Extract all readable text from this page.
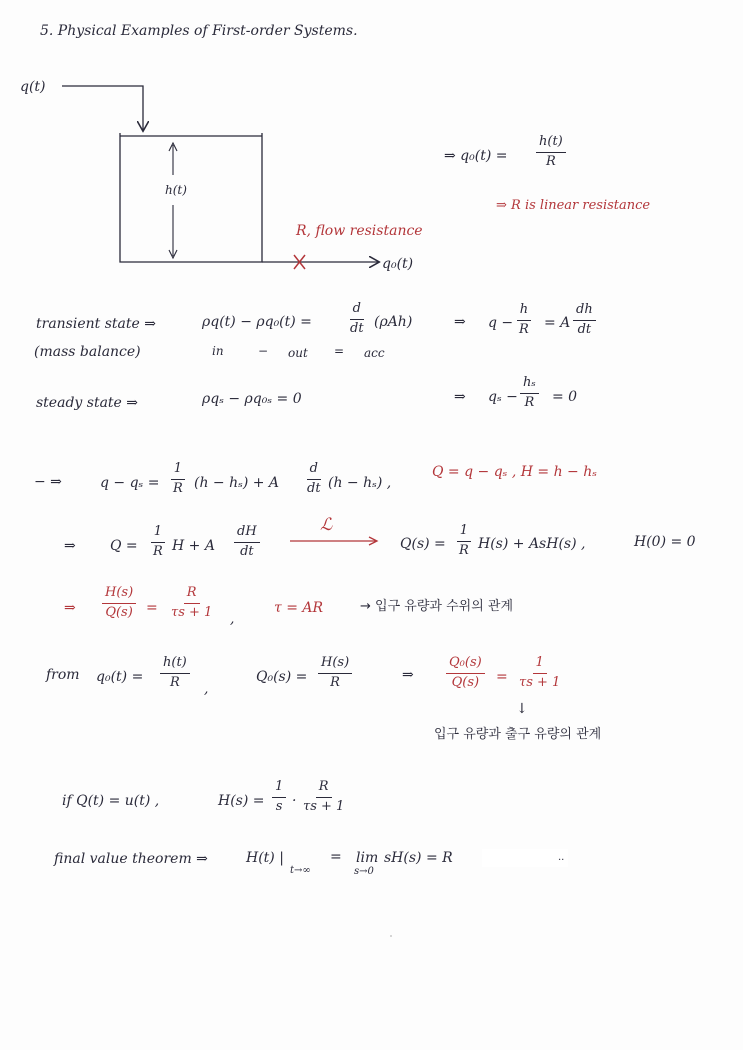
5. Physical Examples of First-order Systems.
q(t)
h(t)
R, flow resistance
q₀(t)
⇒ $q_0(t) = \frac{h(t)}{R}$
⇒ R is linear resistance
transient state ⇒
(mass balance)
ρq(t) − ρq₀(t) =	$\frac{d}{dt} (\rho Ah)$	⇒ $q - \frac{h}{R} = A \frac{dh}{dt}$
in	− out = acc
steady state ⇒	ρqₛ − ρq₀ₛ = 0	⇒ $q_s - \frac{\text{hₛ}}{R} = 0$
− ⇒	$q - q_s = \frac{1}{R} (h - h_s) + A \frac{d}{dt} (h - h_s)$ ,
Q = q − qₛ , H = h − hₛ
⇒ $Q = \frac{1}{R}$ H + A $\frac{dH}{dt}$	ℒ
$Q(s) = \frac{1}{R} H(s) + AsH(s)$ ,	H(0) = 0
⇒ $\frac{H(s)}{Q(s)} = \frac{R}{\tau s + 1}$ ,
τ = AR	→ 입구 유량과 수위의 관계
from $q_0(t) = \frac{h(t)}{R}$ ,
$Q_0(s) = \frac{H(s)}{R}$	⇒ $\frac{\text{Q₀(s)}}{Q(s)} = \frac{1}{\tau s + 1}$
↓
입구 유량과 출구 유량의 관계
if Q(t) = u(t) ,	$H(s) = \frac{1}{s} \cdot \frac{R}{\tau s + 1}$
final value theorem ⇒	H(t) |
t→∞
= lim
s→0
sH(s) = R	..
